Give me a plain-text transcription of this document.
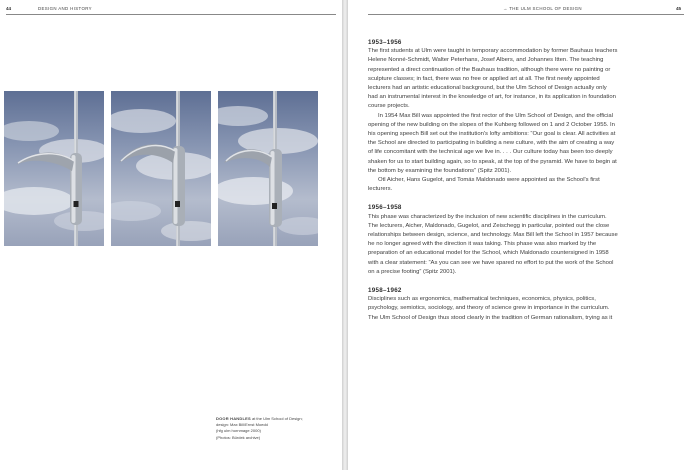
44	DESIGN AND HISTORY

DOOR HANDLES at the Ulm School of Design;

design: Max Bill/Ernst Moeckl

(hfg ulm hornmage 2000)

(Photos: Bürdek archive)

→ THE ULM SCHOOL OF DESIGN	45
1953–1956

The first students at Ulm were taught in temporary accommodation by former Bauhaus teachers Helene Nonné-Schmidt, Walter Peterhans, Josef Albers, and Johannes Itten. The teaching represented a direct continuation of the Bauhaus tradition, although there were no painting or sculpture classes; in fact, there was no free or applied art at all. The first newly appointed lecturers had an artistic educational background, but the Ulm School of Design actually only had an instrumental interest in the knowledge of art, for instance, in its application in foundation course projects.

In 1954 Max Bill was appointed the first rector of the Ulm School of Design, and the official opening of the new building on the slopes of the Kuhberg followed on 1 and 2 October 1955. In his opening speech Bill set out the institution's lofty ambitions: “Our goal is clear. All activities at the School are directed to participating in building a new culture, with the aim of creating a way of life concomitant with the technical age we live in. . . . Our culture today has been too deeply shaken for us to start building again, so to speak, at the top of the pyramid. We have to begin at the bottom by examining the foundations” (Spitz 2001).

Otl Aicher, Hans Gugelot, and Tomás Maldonado were appointed as the School's first lecturers.

1956–1958

This phase was characterized by the inclusion of new scientific disciplines in the curriculum. The lecturers, Aicher, Maldonado, Gugelot, and Zeischegg in particular, pointed out the close relationships between design, science, and technology. Max Bill left the School in 1957 because he no longer agreed with the direction it was taking. This phase was also marked by the preparation of an educational model for the School, which Maldonado countersigned in 1958 with a clear statement: “As you can see we have spared no effort to put the work of the School on a precise footing” (Spitz 2001).

1958–1962

Disciplines such as ergonomics, mathematical techniques, economics, physics, politics, psychology, semiotics, sociology, and theory of science grew in importance in the curriculum. The Ulm School of Design thus stood clearly in the tradition of German rationalism, trying as it
